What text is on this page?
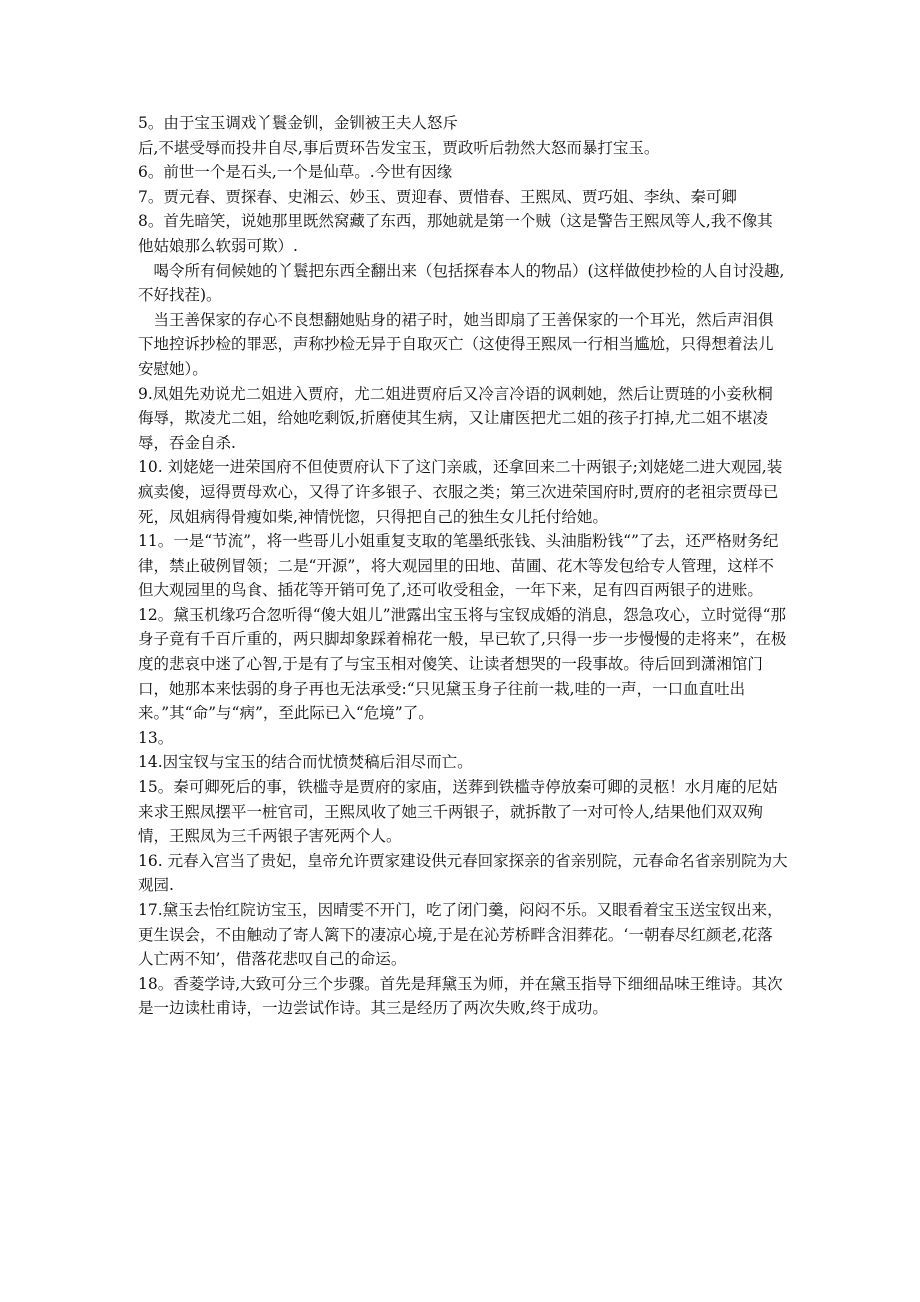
5。由于宝玉调戏丫鬟金钏，金钏被王夫人怒斥

后,不堪受辱而投井自尽,事后贾环告发宝玉，贾政听后勃然大怒而暴打宝玉。

6。前世一个是石头,一个是仙草。.今世有因缘

7。贾元春、贾探春、史湘云、妙玉、贾迎春、贾惜春、王熙凤、贾巧姐、李纨、秦可卿

8。首先暗笑，说她那里既然窝藏了东西，那她就是第一个贼（这是警告王熙凤等人,我不像其他姑娘那么软弱可欺）.

　喝令所有伺候她的丫鬟把东西全翻出来（包括探春本人的物品）(这样做使抄检的人自讨没趣,不好找茬)。

　当王善保家的存心不良想翻她贴身的裙子时，她当即扇了王善保家的一个耳光，然后声泪俱下地控诉抄检的罪恶，声称抄检无异于自取灭亡（这使得王熙凤一行相当尴尬，只得想着法儿安慰她）。

9.凤姐先劝说尤二姐进入贾府，尤二姐进贾府后又冷言冷语的讽刺她，然后让贾琏的小妾秋桐侮辱，欺凌尤二姐，给她吃剩饭,折磨使其生病，又让庸医把尤二姐的孩子打掉,尤二姐不堪凌辱，吞金自杀.

10. 刘姥姥一进荣国府不但使贾府认下了这门亲戚，还拿回来二十两银子;刘姥姥二进大观园,装疯卖傻，逗得贾母欢心，又得了许多银子、衣服之类；第三次进荣国府时,贾府的老祖宗贾母已死，凤姐病得骨瘦如柴,神情恍惚，只得把自己的独生女儿托付给她。

11。一是“节流”，将一些哥儿小姐重复支取的笔墨纸张钱、头油脂粉钱“”了去，还严格财务纪律，禁止破例冒领；二是“开源”，将大观园里的田地、苗圃、花木等发包给专人管理，这样不但大观园里的鸟食、插花等开销可免了,还可收受租金，一年下来，足有四百两银子的进账。

12。黛玉机缘巧合忽听得“傻大姐儿”泄露出宝玉将与宝钗成婚的消息，怨急攻心，立时觉得“那身子竟有千百斤重的，两只脚却象踩着棉花一般，早已软了,只得一步一步慢慢的走将来”，在极度的悲哀中迷了心智,于是有了与宝玉相对傻笑、让读者想哭的一段事故。待后回到潇湘馆门口，她那本来怯弱的身子再也无法承受:“只见黛玉身子往前一栽,哇的一声，一口血直吐出来。”其“命”与“病”，至此际已入“危境”了。

13。

14.因宝钗与宝玉的结合而忧愤焚稿后泪尽而亡。

15。秦可卿死后的事，铁槛寺是贾府的家庙，送葬到铁槛寺停放秦可卿的灵柩！水月庵的尼姑来求王熙凤摆平一桩官司，王熙凤收了她三千两银子，就拆散了一对可怜人,结果他们双双殉情，王熙凤为三千两银子害死两个人。

16. 元春入宫当了贵妃，皇帝允许贾家建设供元春回家探亲的省亲别院，元春命名省亲别院为大观园.

17.黛玉去怡红院访宝玉，因晴雯不开门，吃了闭门羹，闷闷不乐。又眼看着宝玉送宝钗出来，更生误会，不由触动了寄人篱下的凄凉心境,于是在沁芳桥畔含泪葬花。‘一朝春尽红颜老,花落人亡两不知’，借落花悲叹自己的命运。

18。香菱学诗,大致可分三个步骤。首先是拜黛玉为师，并在黛玉指导下细细品味王维诗。其次是一边读杜甫诗，一边尝试作诗。其三是经历了两次失败,终于成功。
